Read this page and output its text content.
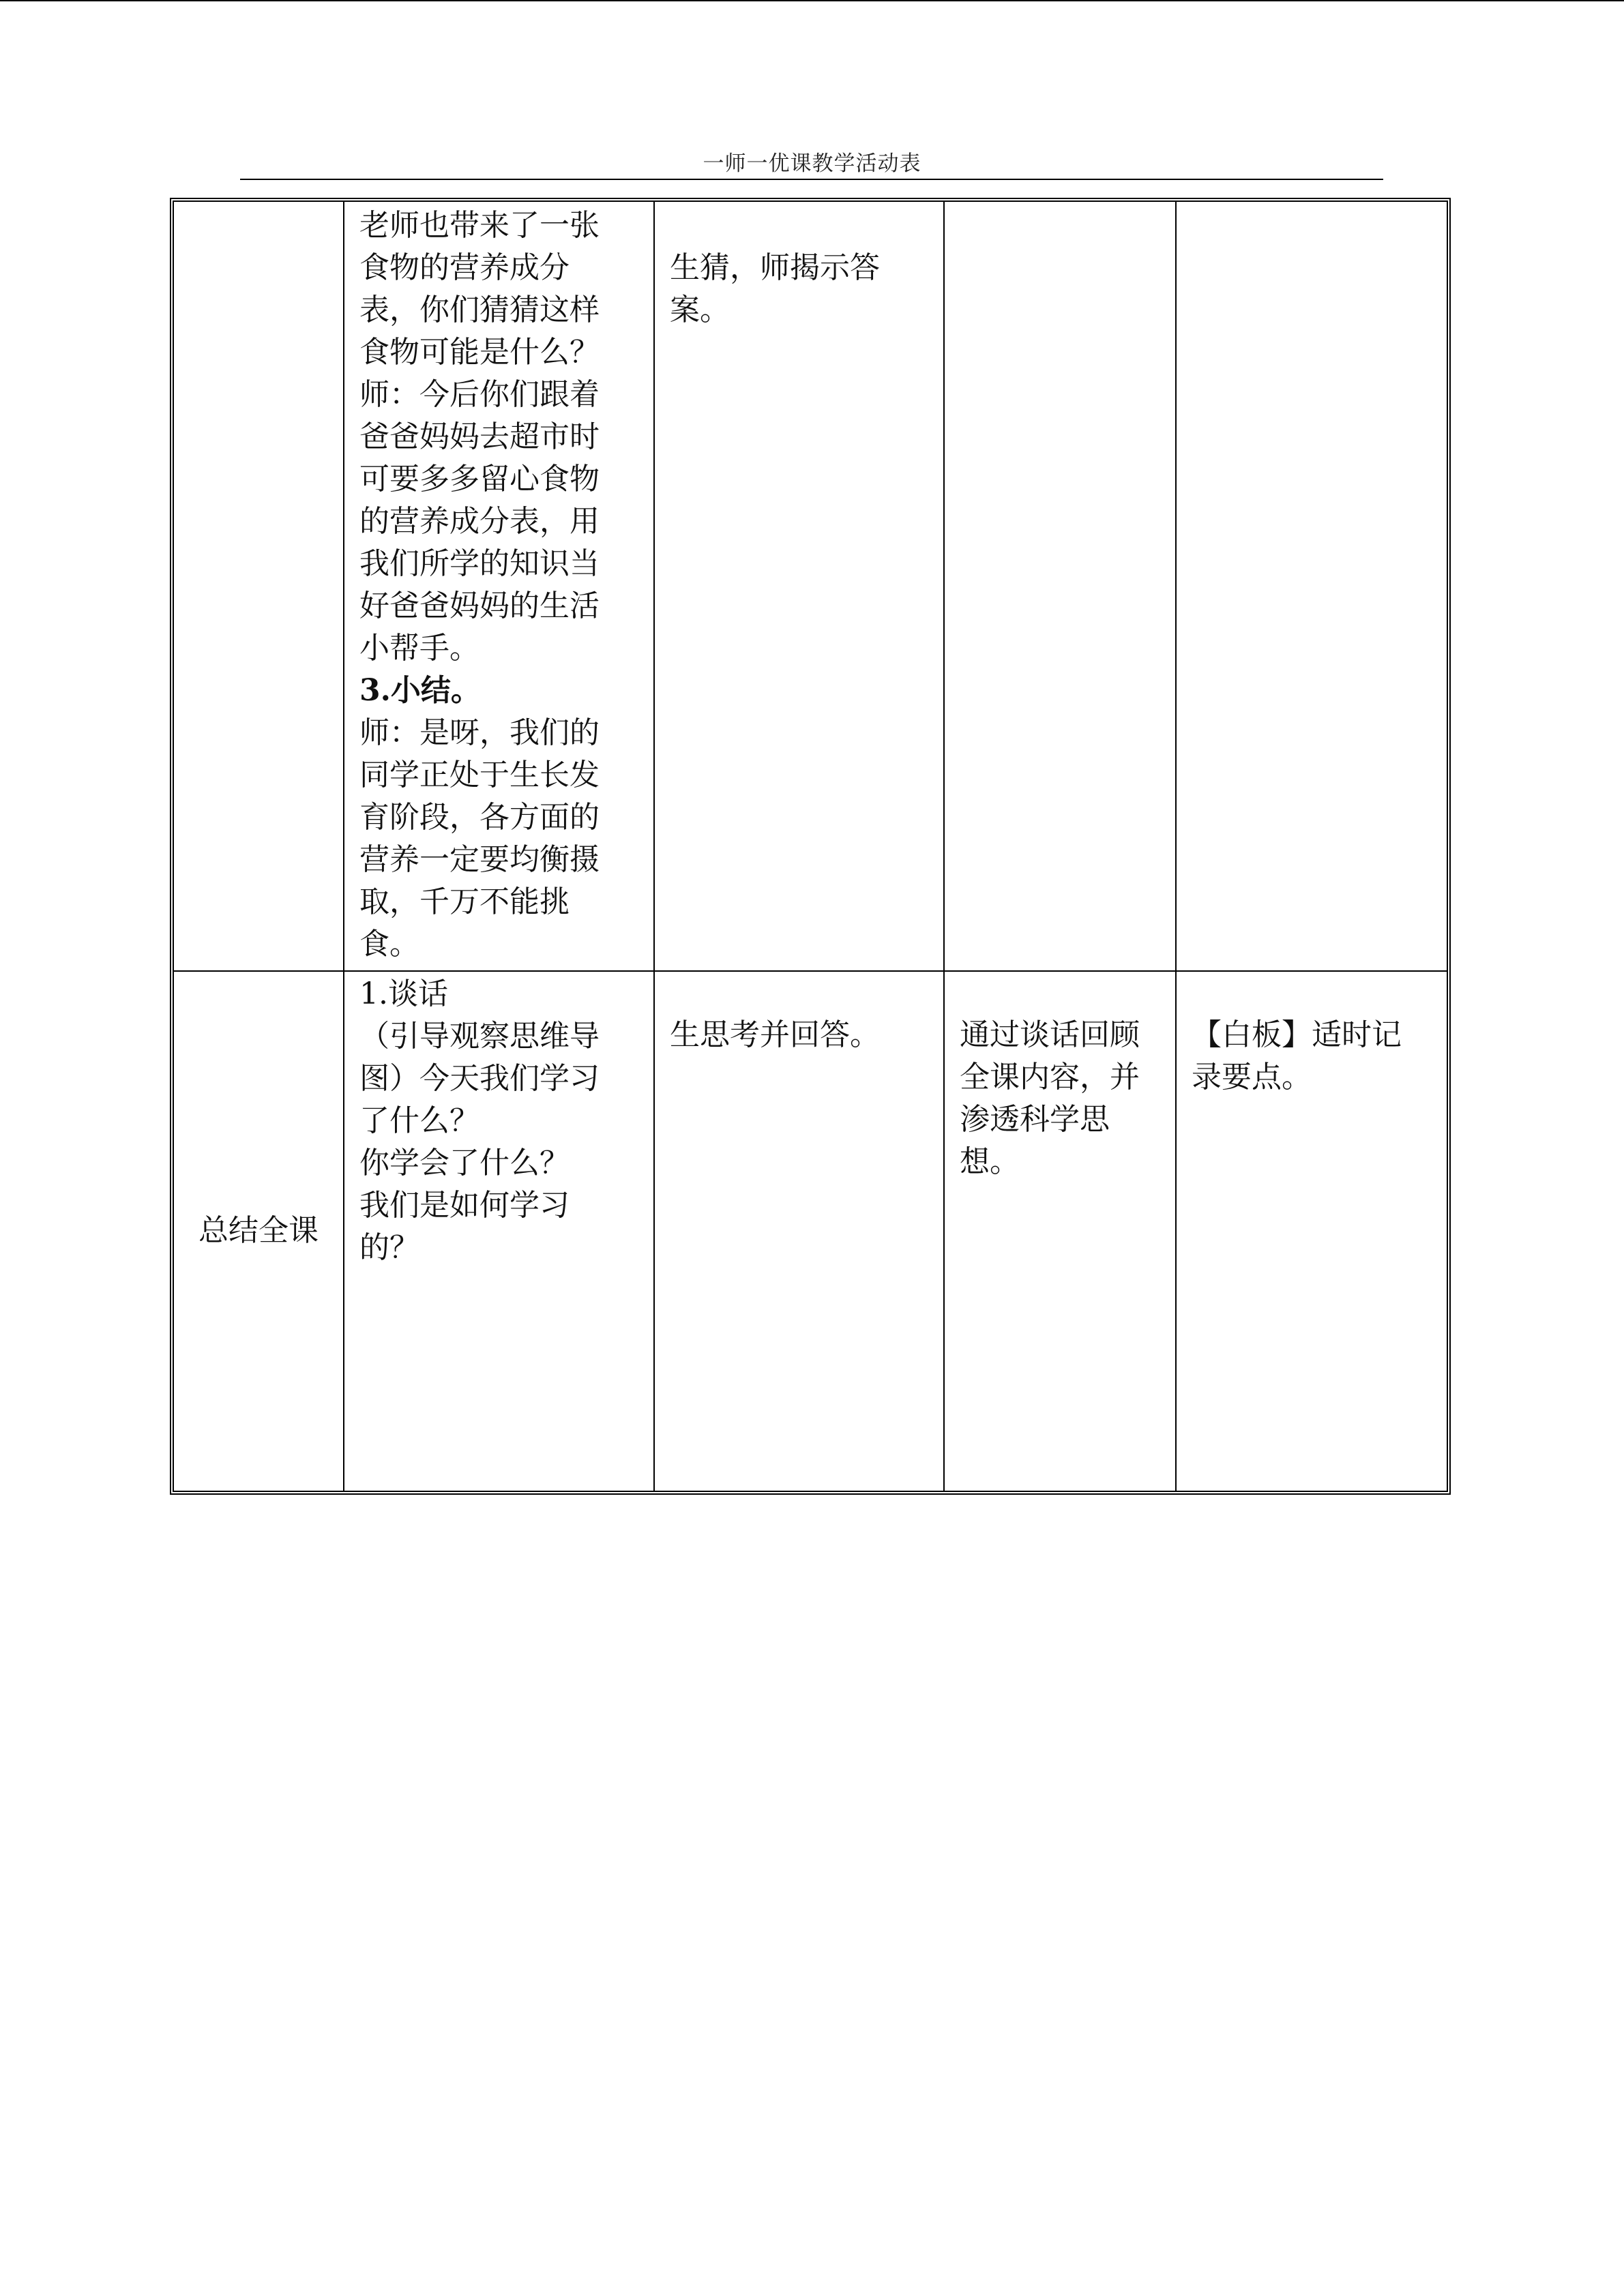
一师一优课教学活动表
老师也带来了一张
食物的营养成分
表，你们猜猜这样
食物可能是什么？
师：今后你们跟着
爸爸妈妈去超市时
可要多多留心食物
的营养成分表，用
我们所学的知识当
好爸爸妈妈的生活
小帮手。
3.小结。
师：是呀，我们的
同学正处于生长发
育阶段，各方面的
营养一定要均衡摄
取，千万不能挑
食。
生猜，师揭示答
案。
总结全课
1.谈话
（引导观察思维导
图）今天我们学习
了什么？
你学会了什么？
我们是如何学习
的？
生思考并回答。	通过谈话回顾
全课内容，并
渗透科学思
想。
【白板】适时记
录要点。
